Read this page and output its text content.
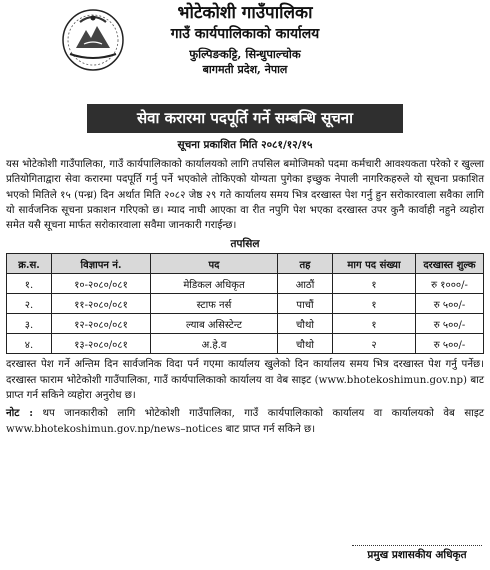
भोटेकोशी गाउँपालिका
गाउँ कार्यपालिकाको कार्यालय
फुल्पिङकट्टि, सिन्धुपाल्चोक
बागमती प्रदेश, नेपाल
सेवा करारमा पदपूर्ति गर्ने सम्बन्धि सूचना
सूचना प्रकाशित मिति २०८१/१२/१५
यस भोटेकोशी गाउँपालिका, गाउँ कार्यपालिकाको कार्यालयको लागि तपसिल बमोजिमको पदमा कर्मचारी आवश्यकता परेको र खुल्ला प्रतियोगिताद्वारा सेवा करारमा पदपूर्ति गर्नु पर्ने भएकोले तोकिएको योग्यता पुगेका इच्छुक नेपाली नागरिकहरुले यो सूचना प्रकाशित भएको मितिले १५ (पन्ध्र) दिन अर्थात मिति २०८२ जेष्ठ २९ गते कार्यालय समय भित्र दरखास्त पेश गर्नु हुन सरोकारवाला सवैका लागि यो सार्वजनिक सूचना प्रकाशन गरिएको छ। म्याद नाघी आएका वा रीत नपुगि पेश भएका दरखास्त उपर कुनै कार्वाही नहुने व्यहोरा समेत यसै सूचना मार्फत सरोकारवाला सवैमा जानकारी गराईन्छ।
तपसिल
क्र.स.	विज्ञापन नं.	पद	तह	माग पद संख्या	दरखास्त शुल्क
१.	१०-२०८०/०८१	मेडिकल अधिकृत	आठौं	१	रु १०००/-
२.	११-२०८०/०८१	स्टाफ नर्स	पाचौं	१	रु ५००/-
३.	१२-२०८०/०८१	ल्याब असिस्टेन्ट	चौथो	१	रु ५००/-
४.	१३-२०८०/०८१	अ.हे.व	चौथो	२	रु ५००/-
दरखास्त पेश गर्ने अन्तिम दिन सार्वजनिक विदा पर्न गएमा कार्यालय खुलेको दिन कार्यालय समय भित्र दरखास्त पेश गर्नु पर्नेछ। दरखास्त फाराम भोटेकोशी गाउँपालिका, गाउँ कार्यपालिकाको कार्यालय वा वेब साइट (www.bhotekoshimun.gov.np) बाट प्राप्त गर्न सकिने व्यहोरा अनुरोध छ।
नोट : थप जानकारीको लागि भोटेकोशी गाउँपालिका, गाउँ कार्यपालिकाको कार्यालय वा कार्यालयको वेब साइट www.bhotekoshimun.gov.np/news–notices बाट प्राप्त गर्न सकिने छ।
प्रमुख प्रशासकीय अधिकृत
